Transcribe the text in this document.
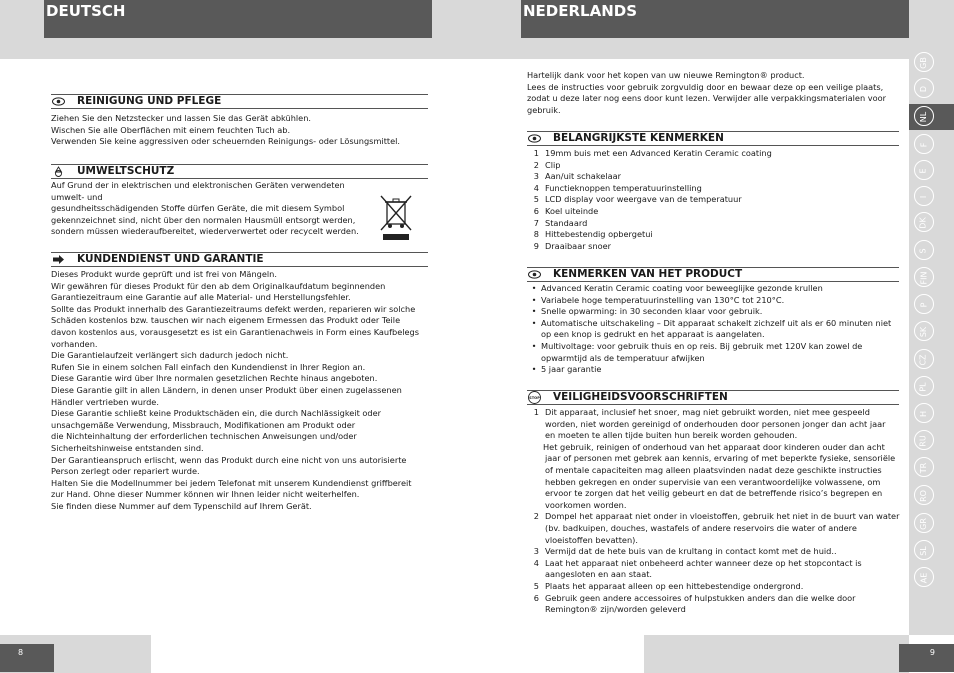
DEUTSCH	NEDERLANDS
GB
D
NL
F
E
I
DK
S
FIN
P
SK
CZ
PL
H
RU
TR
RO
GR
SL
AE
8	9
REINIGUNG UND PFLEGE

Ziehen Sie den Netzstecker und lassen Sie das Gerät abkühlen.

Wischen Sie alle Oberflächen mit einem feuchten Tuch ab.

Verwenden Sie keine aggressiven oder scheuernden Reinigungs- oder Lösungsmittel.

UMWELTSCHUTZ

Auf Grund der in elektrischen und elektronischen Geräten verwendeten umwelt- und

gesundheitsschädigenden Stoffe dürfen Geräte, die mit diesem Symbol

gekennzeichnet sind, nicht über den normalen Hausmüll entsorgt werden,

sondern müssen wiederaufbereitet, wiederverwertet oder recycelt werden.

KUNDENDIENST UND GARANTIE

Dieses Produkt wurde geprüft und ist frei von Mängeln.

Wir gewähren für dieses Produkt für den ab dem Originalkaufdatum beginnenden

Garantiezeitraum eine Garantie auf alle Material- und Herstellungsfehler.

Sollte das Produkt innerhalb des Garantiezeitraums defekt werden, reparieren wir solche

Schäden kostenlos bzw. tauschen wir nach eigenem Ermessen das Produkt oder Teile

davon kostenlos aus, vorausgesetzt es ist ein Garantienachweis in Form eines Kaufbelegs

vorhanden.

Die Garantielaufzeit verlängert sich dadurch jedoch nicht.

Rufen Sie in einem solchen Fall einfach den Kundendienst in Ihrer Region an.

Diese Garantie wird über Ihre normalen gesetzlichen Rechte hinaus angeboten.

Diese Garantie gilt in allen Ländern, in denen unser Produkt über einen zugelassenen

Händler vertrieben wurde.

Diese Garantie schließt keine Produktschäden ein, die durch Nachlässigkeit oder

unsachgemäße Verwendung, Missbrauch, Modifikationen am Produkt oder

die Nichteinhaltung der erforderlichen technischen Anweisungen und/oder

Sicherheitshinweise entstanden sind.

Der Garantieanspruch erlischt, wenn das Produkt durch eine nicht von uns autorisierte

Person zerlegt oder repariert wurde.

Halten Sie die Modellnummer bei jedem Telefonat mit unserem Kundendienst griffbereit

zur Hand. Ohne dieser Nummer können wir Ihnen leider nicht weiterhelfen.

Sie finden diese Nummer auf dem Typenschild auf Ihrem Gerät.

Hartelijk dank voor het kopen van uw nieuwe Remington® product.

Lees de instructies voor gebruik zorgvuldig door en bewaar deze op een veilige plaats,

zodat u deze later nog eens door kunt lezen. Verwijder alle verpakkingsmaterialen voor

gebruik.

BELANGRIJKSTE KENMERKEN

1 19mm buis met een Advanced Keratin Ceramic coating

2 Clip

3 Aan/uit schakelaar

4 Functieknoppen temperatuurinstelling

5 LCD display voor weergave van de temperatuur

6 Koel uiteinde

7 Standaard

8 Hittebestendig opbergetui

9 Draaibaar snoer

KENMERKEN VAN HET PRODUCT

• Advanced Keratin Ceramic coating voor beweeglijke gezonde krullen

• Variabele hoge temperatuurinstelling van 130°C tot 210°C.

• Snelle opwarming: in 30 seconden klaar voor gebruik.

• Automatische uitschakeling – Dit apparaat schakelt zichzelf uit als er 60 minuten niet

op een knop is gedrukt en het apparaat is aangelaten.

• Multivoltage: voor gebruik thuis en op reis. Bij gebruik met 120V kan zowel de

opwarmtijd als de temperatuur afwijken

• 5 jaar garantie

STOP VEILIGHEIDSVOORSCHRIFTEN

1 Dit apparaat, inclusief het snoer, mag niet gebruikt worden, niet mee gespeeld

worden, niet worden gereinigd of onderhouden door personen jonger dan acht jaar

en moeten te allen tijde buiten hun bereik worden gehouden.

Het gebruik, reinigen of onderhoud van het apparaat door kinderen ouder dan acht

jaar of personen met gebrek aan kennis, ervaring of met beperkte fysieke, sensoriële

of mentale capaciteiten mag alleen plaatsvinden nadat deze geschikte instructies

hebben gekregen en onder supervisie van een verantwoordelijke volwassene, om

ervoor te zorgen dat het veilig gebeurt en dat de betreffende risico’s begrepen en

voorkomen worden.

2 Dompel het apparaat niet onder in vloeistoffen, gebruik het niet in de buurt van water

(bv. badkuipen, douches, wastafels of andere reservoirs die water of andere

vloeistoffen bevatten).

3 Vermijd dat de hete buis van de krultang in contact komt met de huid..

4 Laat het apparaat niet onbeheerd achter wanneer deze op het stopcontact is

aangesloten en aan staat.

5 Plaats het apparaat alleen op een hittebestendige ondergrond.

6 Gebruik geen andere accessoires of hulpstukken anders dan die welke door

Remington® zijn/worden geleverd
